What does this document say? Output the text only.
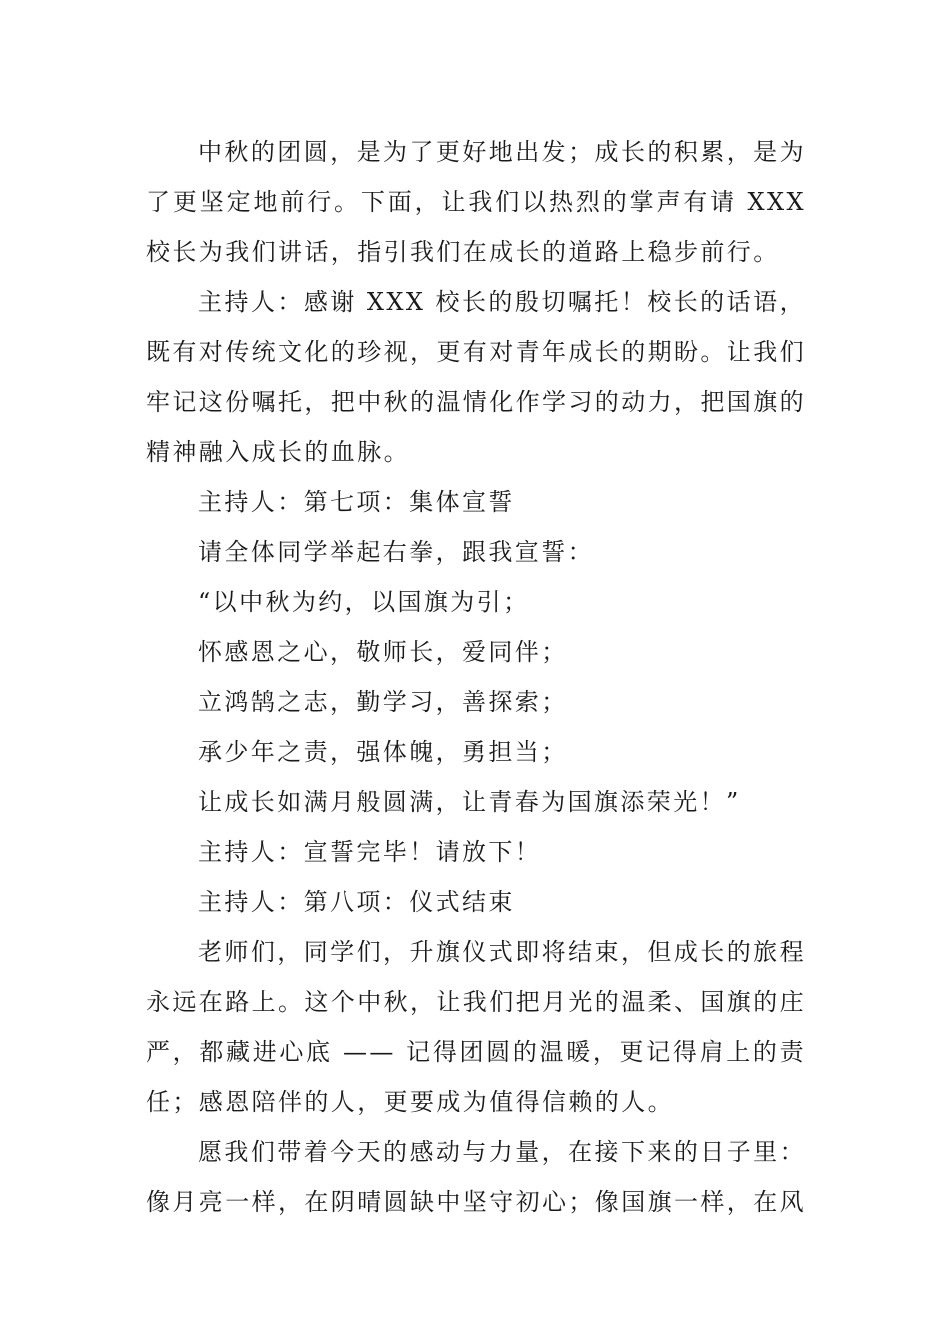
中秋的团圆，是为了更好地出发；成长的积累，是为了更坚定地前行。下面，让我们以热烈的掌声有请 XXX 校长为我们讲话，指引我们在成长的道路上稳步前行。

主持人：感谢 XXX 校长的殷切嘱托！校长的话语，既有对传统文化的珍视，更有对青年成长的期盼。让我们牢记这份嘱托，把中秋的温情化作学习的动力，把国旗的精神融入成长的血脉。

主持人：第七项：集体宣誓

请全体同学举起右拳，跟我宣誓：

“以中秋为约，以国旗为引；

怀感恩之心，敬师长，爱同伴；

立鸿鹄之志，勤学习，善探索；

承少年之责，强体魄，勇担当；

让成长如满月般圆满，让青春为国旗添荣光！”

主持人：宣誓完毕！请放下！

主持人：第八项：仪式结束

老师们，同学们，升旗仪式即将结束，但成长的旅程永远在路上。这个中秋，让我们把月光的温柔、国旗的庄严，都藏进心底 —— 记得团圆的温暖，更记得肩上的责任；感恩陪伴的人，更要成为值得信赖的人。

愿我们带着今天的感动与力量，在接下来的日子里：像月亮一样，在阴晴圆缺中坚守初心；像国旗一样，在风
